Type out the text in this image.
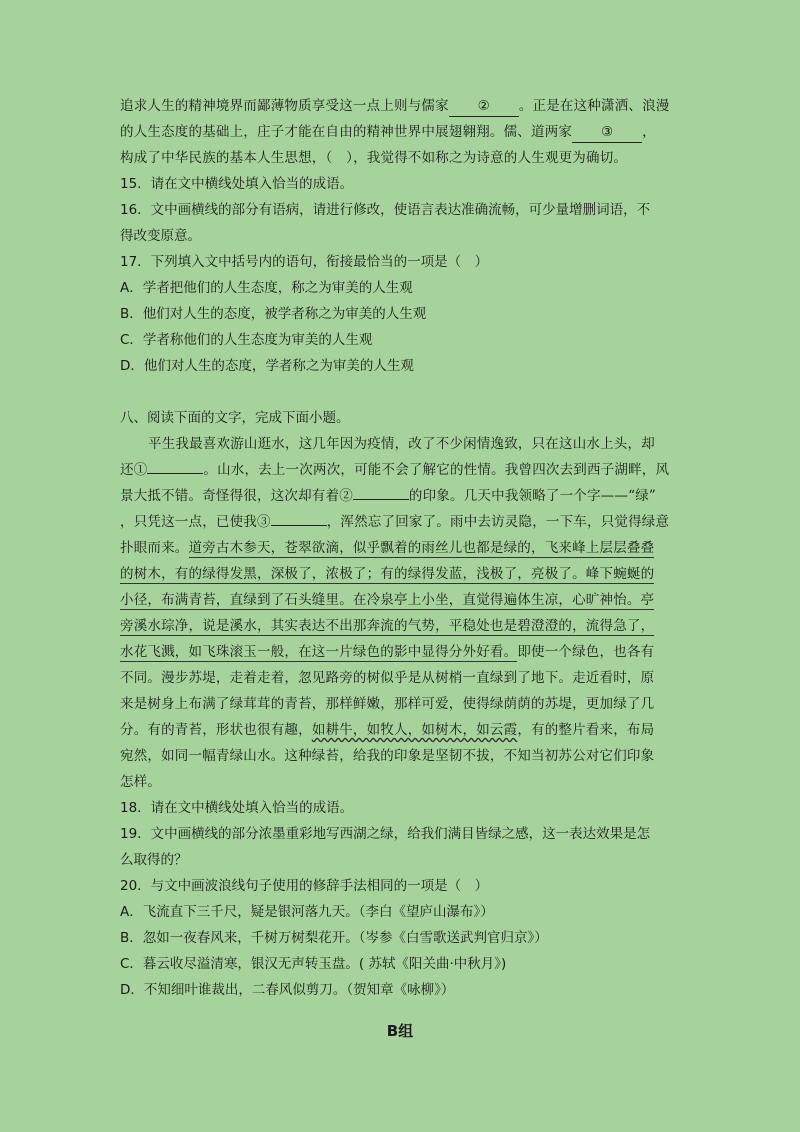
追求人生的精神境界而鄙薄物质享受这一点上则与儒家 ② 。正是在这种潇洒、浪漫
的人生态度的基础上，庄子才能在自由的精神世界中展翅翱翔。儒、道两家 ③ ，
构成了中华民族的基本人生思想，（　），我觉得不如称之为诗意的人生观更为确切。
15．请在文中横线处填入恰当的成语。
16．文中画横线的部分有语病，请进行修改，使语言表达准确流畅，可少量增删词语，不
得改变原意。
17．下列填入文中括号内的语句，衔接最恰当的一项是（　）
A．学者把他们的人生态度，称之为审美的人生观
B．他们对人生的态度，被学者称之为审美的人生观
C．学者称他们的人生态度为审美的人生观
D．他们对人生的态度，学者称之为审美的人生观
八、阅读下面的文字，完成下面小题。
平生我最喜欢游山逛水，这几年因为疫情，改了不少闲情逸致，只在这山水上头，却
还①	。山水，去上一次两次，可能不会了解它的性情。我曾四次去到西子湖畔，风
景大抵不错。奇怪得很，这次却有着②	的印象。几天中我领略了一个字——“绿”
，只凭这一点，已使我③	，浑然忘了回家了。雨中去访灵隐，一下车，只觉得绿意
扑眼而来。道旁古木参天，苍翠欲滴，似乎飘着的雨丝儿也都是绿的，飞来峰上层层叠叠
的树木，有的绿得发黑，深极了，浓极了；有的绿得发蓝，浅极了，亮极了。峰下蜿蜒的
小径，布满青苔，直绿到了石头缝里。在冷泉亭上小坐，直觉得遍体生凉，心旷神怡。亭
旁溪水琮净，说是溪水，其实表达不出那奔流的气势，平稳处也是碧澄澄的，流得急了，
水花飞溅，如飞珠滚玉一般，在这一片绿色的影中显得分外好看。即使一个绿色，也各有
不同。漫步苏堤，走着走着，忽见路旁的树似乎是从树梢一直绿到了地下。走近看时，原
来是树身上布满了绿茸茸的青苔，那样鲜嫩，那样可爱，使得绿荫荫的苏堤，更加绿了几
分。有的青苔，形状也很有趣，如耕牛，如牧人，如树木，如云霞，有的整片看来，布局
宛然，如同一幅青绿山水。这种绿苔，给我的印象是坚韧不拔，不知当初苏公对它们印象
怎样。
18．请在文中横线处填入恰当的成语。
19．文中画横线的部分浓墨重彩地写西湖之绿，给我们满目皆绿之感，这一表达效果是怎
么取得的？
20．与文中画波浪线句子使用的修辞手法相同的一项是（　）
A．飞流直下三千尺，疑是银河落九天。（李白《望庐山瀑布》）
B．忽如一夜春风来，千树万树梨花开。（岑参《白雪歌送武判官归京》）
C．暮云收尽溢清寒，银汉无声转玉盘。( 苏轼《阳关曲·中秋月》)
D．不知细叶谁裁出，二春风似剪刀。（贺知章《咏柳》）
B组
